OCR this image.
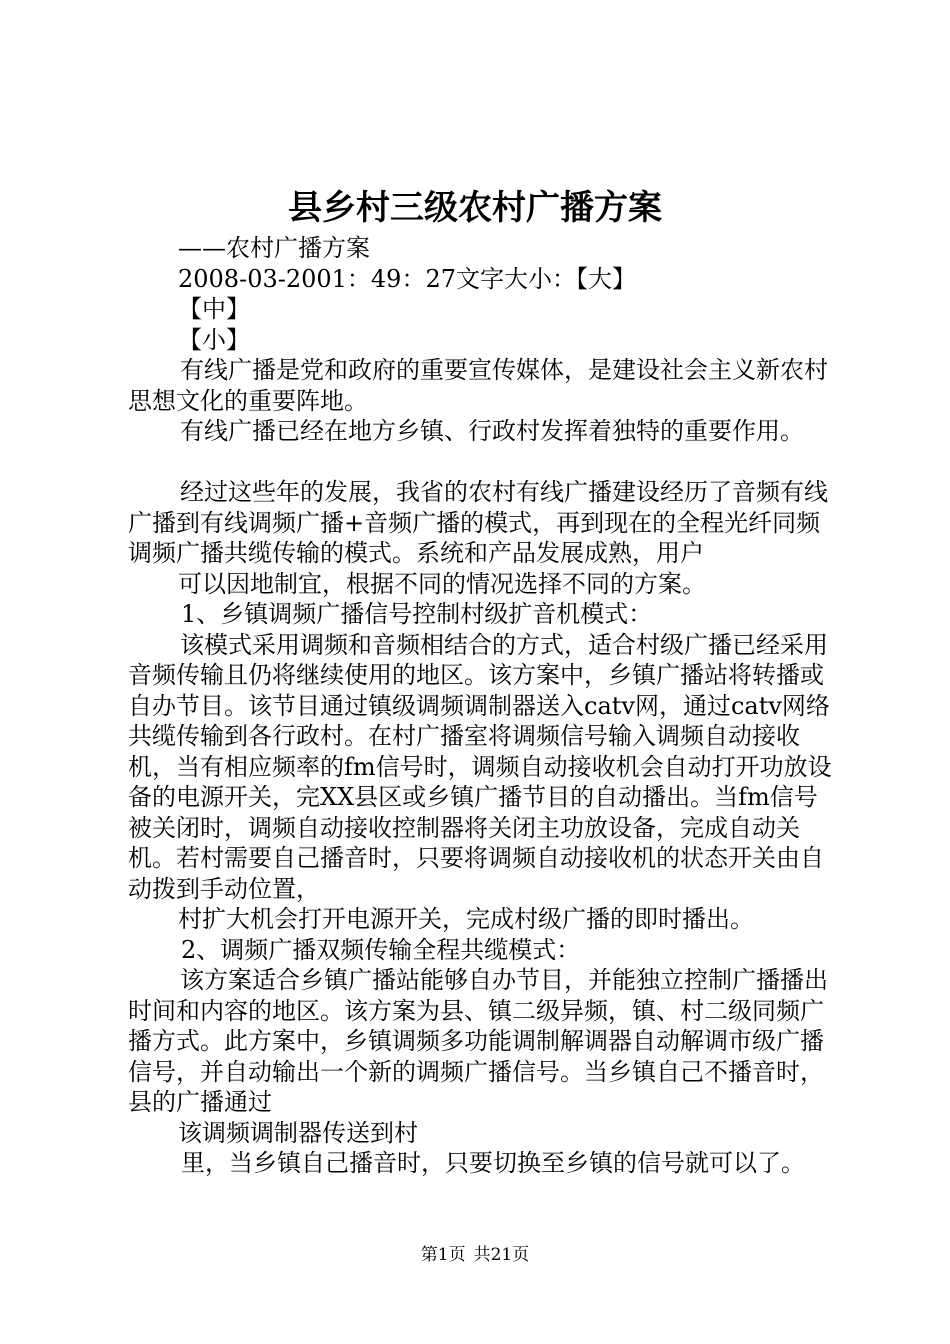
县乡村三级农村广播方案

——农村广播方案

2008-03-2001：49：27文字大小：【大】

【中】

【小】

有线广播是党和政府的重要宣传媒体，是建设社会主义新农村思想文化的重要阵地。

有线广播已经在地方乡镇、行政村发挥着独特的重要作用。

经过这些年的发展，我省的农村有线广播建设经历了音频有线广播到有线调频广播+音频广播的模式，再到现在的全程光纤同频调频广播共缆传输的模式。系统和产品发展成熟，用户

可以因地制宜，根据不同的情况选择不同的方案。

1、乡镇调频广播信号控制村级扩音机模式：

该模式采用调频和音频相结合的方式，适合村级广播已经采用音频传输且仍将继续使用的地区。该方案中，乡镇广播站将转播或自办节目。该节目通过镇级调频调制器送入catv网，通过catv网络共缆传输到各行政村。在村广播室将调频信号输入调频自动接收机，当有相应频率的fm信号时，调频自动接收机会自动打开功放设备的电源开关，完XX县区或乡镇广播节目的自动播出。当fm信号被关闭时，调频自动接收控制器将关闭主功放设备，完成自动关机。若村需要自己播音时，只要将调频自动接收机的状态开关由自动拨到手动位置，

村扩大机会打开电源开关，完成村级广播的即时播出。

2、调频广播双频传输全程共缆模式：

该方案适合乡镇广播站能够自办节目，并能独立控制广播播出时间和内容的地区。该方案为县、镇二级异频，镇、村二级同频广播方式。此方案中，乡镇调频多功能调制解调器自动解调市级广播信号，并自动输出一个新的调频广播信号。当乡镇自己不播音时，县的广播通过

该调频调制器传送到村

里，当乡镇自己播音时，只要切换至乡镇的信号就可以了。

第1页 共21页
